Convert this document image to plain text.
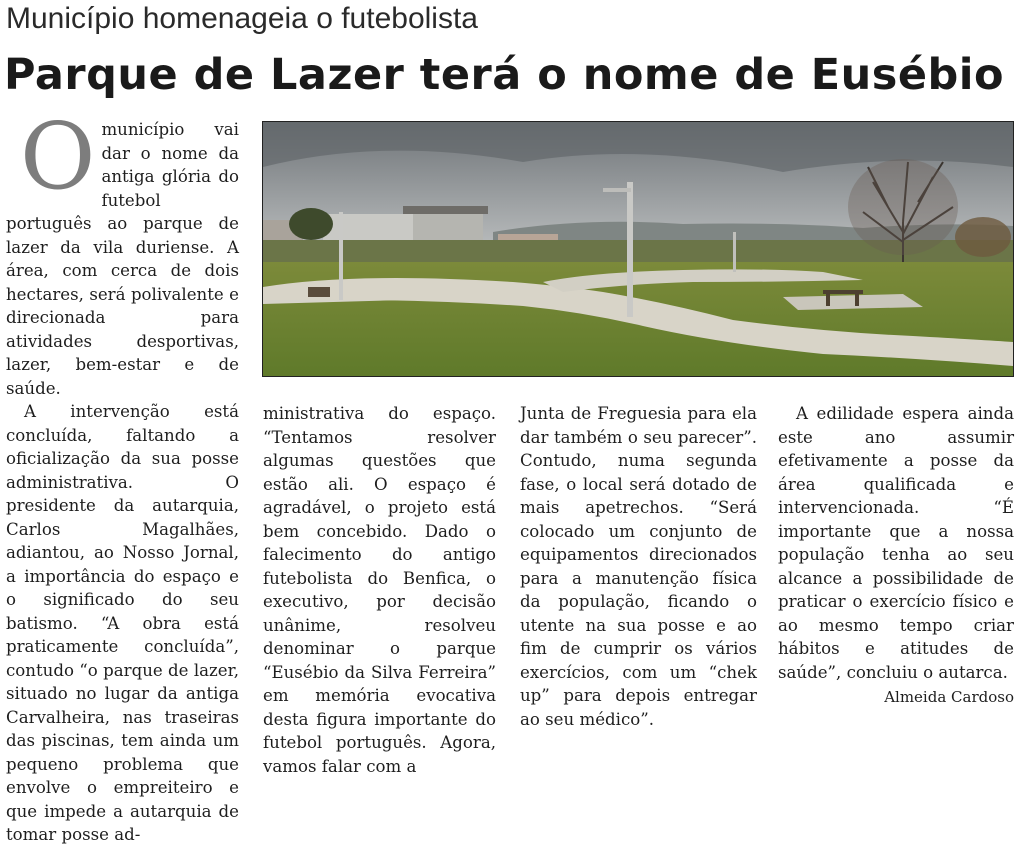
Município homenageia o futebolista
Parque de Lazer terá o nome de Eusébio

Omunicípio vai dar o nome da antiga glória do futebol português ao parque de lazer da vila duriense. A área, com cerca de dois hectares, será polivalente e direcionada para atividades desportivas, lazer, bem-estar e de saúde.

A intervenção está concluída, faltando a oficialização da sua posse administrativa. O presidente da autarquia, Carlos Magalhães, adiantou, ao Nosso Jornal, a importância do espaço e o significado do seu batismo. “A obra está praticamente concluída”, contudo “o parque de lazer, situado no lugar da antiga Carvalheira, nas traseiras das piscinas, tem ainda um pequeno problema que envolve o empreiteiro e que impede a autarquia de tomar posse ad-

ministrativa do espaço. “Tentamos resolver algumas questões que estão ali. O espaço é agradável, o projeto está bem concebido. Dado o falecimento do antigo futebolista do Benfica, o executivo, por decisão unânime, resolveu denominar o parque “Eusébio da Silva Ferreira” em memória evocativa desta figura importante do futebol português. Agora, vamos falar com a

Junta de Freguesia para ela dar também o seu parecer”. Contudo, numa segunda fase, o local será dotado de mais apetrechos. “Será colocado um conjunto de equipamentos direcionados para a manutenção física da população, ficando o utente na sua posse e ao fim de cumprir os vários exercícios, com um “chek up” para depois entregar ao seu médico”.

A edilidade espera ainda este ano assumir efetivamente a posse da área qualificada e intervencionada. “É importante que a nossa população tenha ao seu alcance a possibilidade de praticar o exercício físico e ao mesmo tempo criar hábitos e atitudes de saúde”, concluiu o autarca.

Almeida Cardoso
